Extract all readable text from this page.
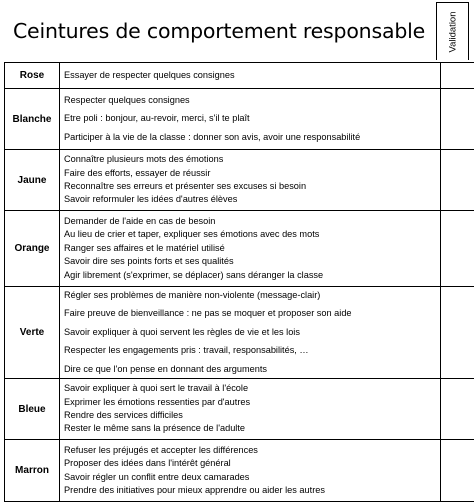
Ceintures de comportement responsable	Validation
Rose	Essayer de respecter quelques consignes	

Blanche	Respecter quelques consignes
Etre poli : bonjour, au-revoir, merci, s'il te plaît
Participer à la vie de la classe : donner son avis, avoir une responsabilité	

Jaune	Connaître plusieurs mots des émotions
Faire des efforts, essayer de réussir
Reconnaître ses erreurs et présenter ses excuses si besoin
Savoir reformuler les idées d'autres élèves	

Orange	Demander de l'aide en cas de besoin
Au lieu de crier et taper, expliquer ses émotions avec des mots
Ranger ses affaires et le matériel utilisé
Savoir dire ses points forts et ses qualités
Agir librement (s'exprimer, se déplacer) sans déranger la classe	

Verte	Régler ses problèmes de manière non-violente (message-clair)
Faire preuve de bienveillance : ne pas se moquer et proposer son aide
Savoir expliquer à quoi servent les règles de vie et les lois
Respecter les engagements pris : travail, responsabilités, …
Dire ce que l'on pense en donnant des arguments	

Bleue	Savoir expliquer à quoi sert le travail à l'école
Exprimer les émotions ressenties par d'autres
Rendre des services difficiles
Rester le même sans la présence de l'adulte	

Marron	Refuser les préjugés et accepter les différences
Proposer des idées dans l'intérêt général
Savoir régler un conflit entre deux camarades
Prendre des initiatives pour mieux apprendre ou aider les autres	
